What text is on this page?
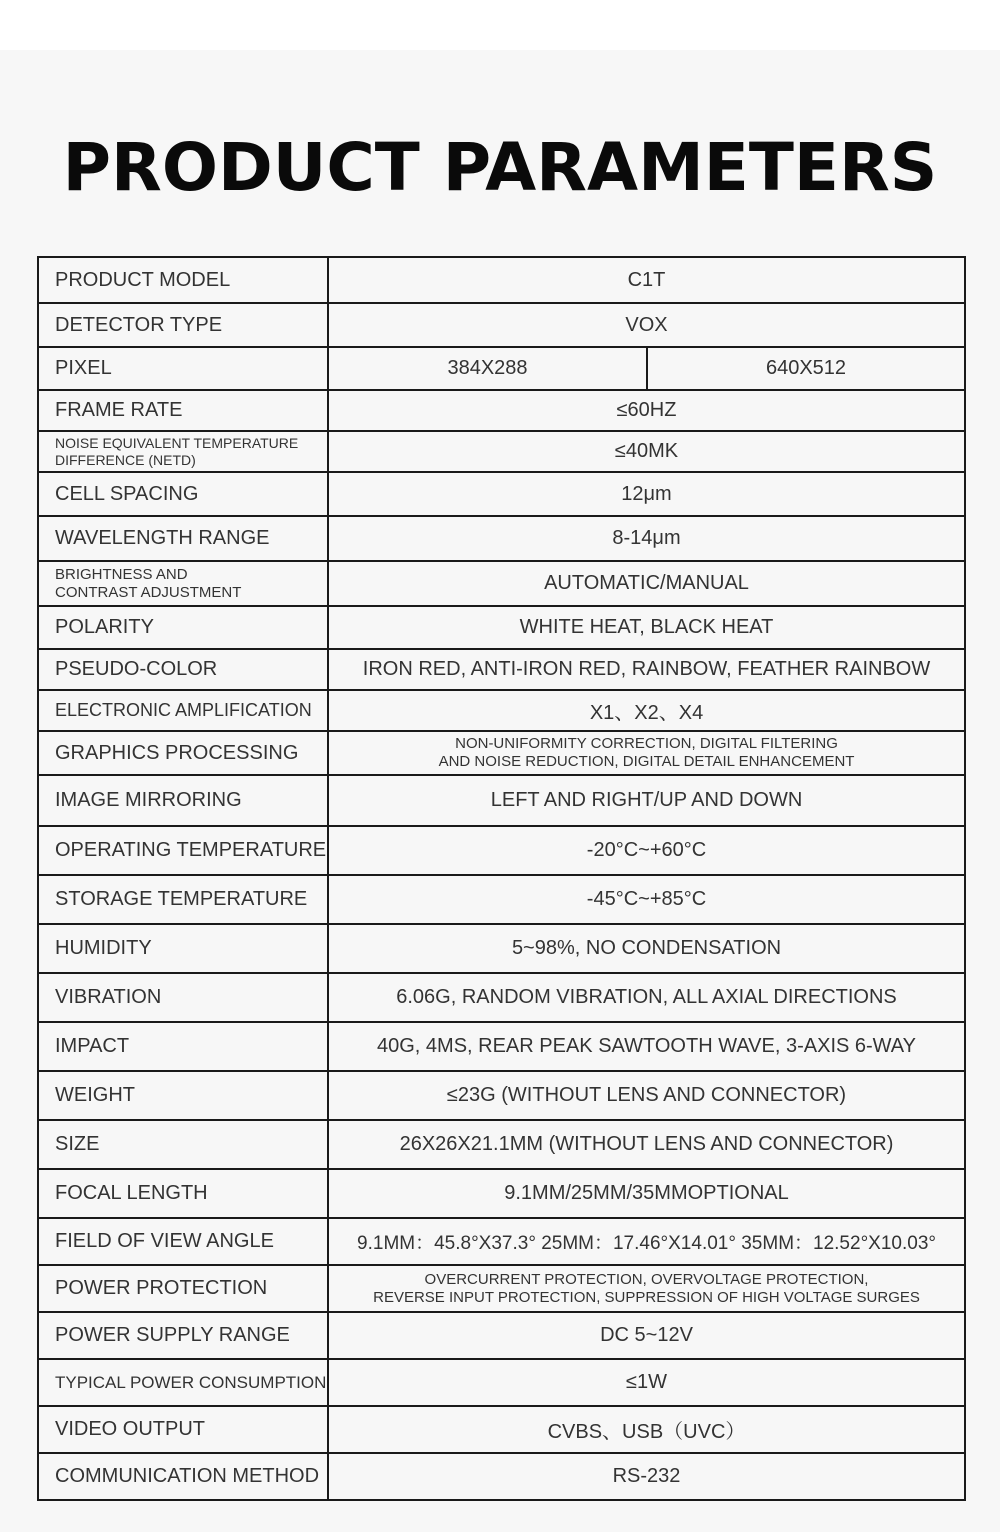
PRODUCT PARAMETERS
PRODUCT MODEL	C1T	
DETECTOR TYPE	VOX	
PIXEL	384X288	640X512
FRAME RATE	≤60HZ	

NOISE EQUIVALENT TEMPERATURE
DIFFERENCE (NETD)	≤40MK	
CELL SPACING	12μm	
WAVELENGTH RANGE	8-14μm	

BRIGHTNESS AND
CONTRAST ADJUSTMENT	AUTOMATIC/MANUAL	
POLARITY	WHITE HEAT, BLACK HEAT	
PSEUDO-COLOR	IRON RED, ANTI-IRON RED, RAINBOW, FEATHER RAINBOW	
ELECTRONIC AMPLIFICATION	X1、X2、X4	
GRAPHICS PROCESSING	NON-UNIFORMITY CORRECTION, DIGITAL FILTERING
AND NOISE REDUCTION, DIGITAL DETAIL ENHANCEMENT	

IMAGE MIRRORING	LEFT AND RIGHT/UP AND DOWN	
OPERATING TEMPERATURE	-20°C~+60°C	
STORAGE TEMPERATURE	-45°C~+85°C	
HUMIDITY	5~98%, NO CONDENSATION	
VIBRATION	6.06G, RANDOM VIBRATION, ALL AXIAL DIRECTIONS	
IMPACT	40G, 4MS, REAR PEAK SAWTOOTH WAVE, 3-AXIS 6-WAY	
WEIGHT	≤23G (WITHOUT LENS AND CONNECTOR)	
SIZE	26X26X21.1MM (WITHOUT LENS AND CONNECTOR)	
FOCAL LENGTH	9.1MM/25MM/35MMOPTIONAL	
FIELD OF VIEW ANGLE	9.1MM：45.8°X37.3° 25MM：17.46°X14.01° 35MM：12.52°X10.03°	
POWER PROTECTION	OVERCURRENT PROTECTION, OVERVOLTAGE PROTECTION,
REVERSE INPUT PROTECTION, SUPPRESSION OF HIGH VOLTAGE SURGES	

POWER SUPPLY RANGE	DC 5~12V	
TYPICAL POWER CONSUMPTION	≤1W	
VIDEO OUTPUT	CVBS、USB（UVC）	
COMMUNICATION METHOD	RS-232	
